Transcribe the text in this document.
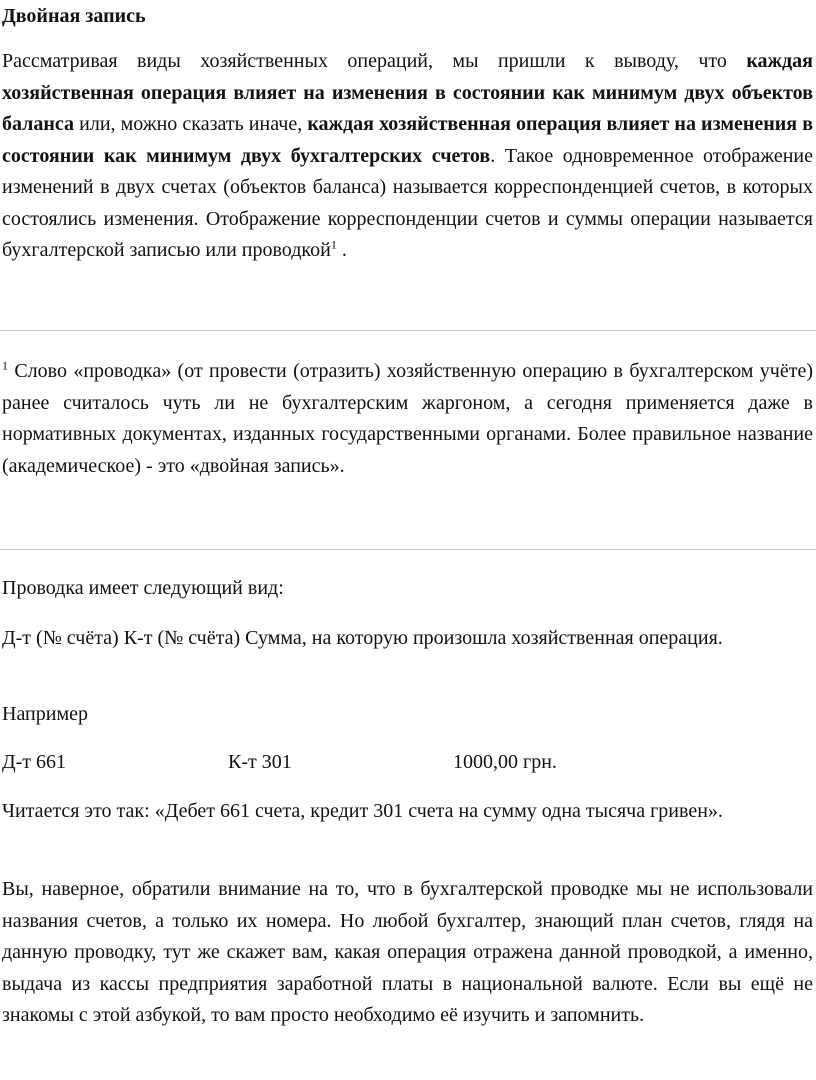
Двойная запись

Рассматривая виды хозяйственных операций, мы пришли к выводу, что каждая хозяйственная операция влияет на изменения в состоянии как минимум двух объектов баланса или, можно сказать иначе, каждая хозяйственная операция влияет на изменения в состоянии как минимум двух бухгалтерских счетов. Такое одновременное отображение изменений в двух счетах (объектов баланса) называется корреспонденцией счетов, в которых состоялись изменения. Отображение корреспонденции счетов и суммы операции называется бухгалтерской записью или проводкой$^1$ .

$^1$ Слово «проводка» (от провести (отразить) хозяйственную операцию в бухгалтерском учёте) ранее считалось чуть ли не бухгалтерским жаргоном, а сегодня применяется даже в нормативных документах, изданных государственными органами. Более правильное название (академическое) - это «двойная запись».

Проводка имеет следующий вид:

Д-т (№ счёта) К-т (№ счёта) Сумма, на которую произошла хозяйственная операция.

Например

Д-т 661	К-т 301	1000,00 грн.

Читается это так: «Дебет 661 счета, кредит 301 счета на сумму одна тысяча гривен».

Вы, наверное, обратили внимание на то, что в бухгалтерской проводке мы не использовали названия счетов, а только их номера. Но любой бухгалтер, знающий план счетов, глядя на данную проводку, тут же скажет вам, какая операция отражена данной проводкой, а именно, выдача из кассы предприятия заработной платы в национальной валюте. Если вы ещё не знакомы с этой азбукой, то вам просто необходимо её изучить и запомнить.
